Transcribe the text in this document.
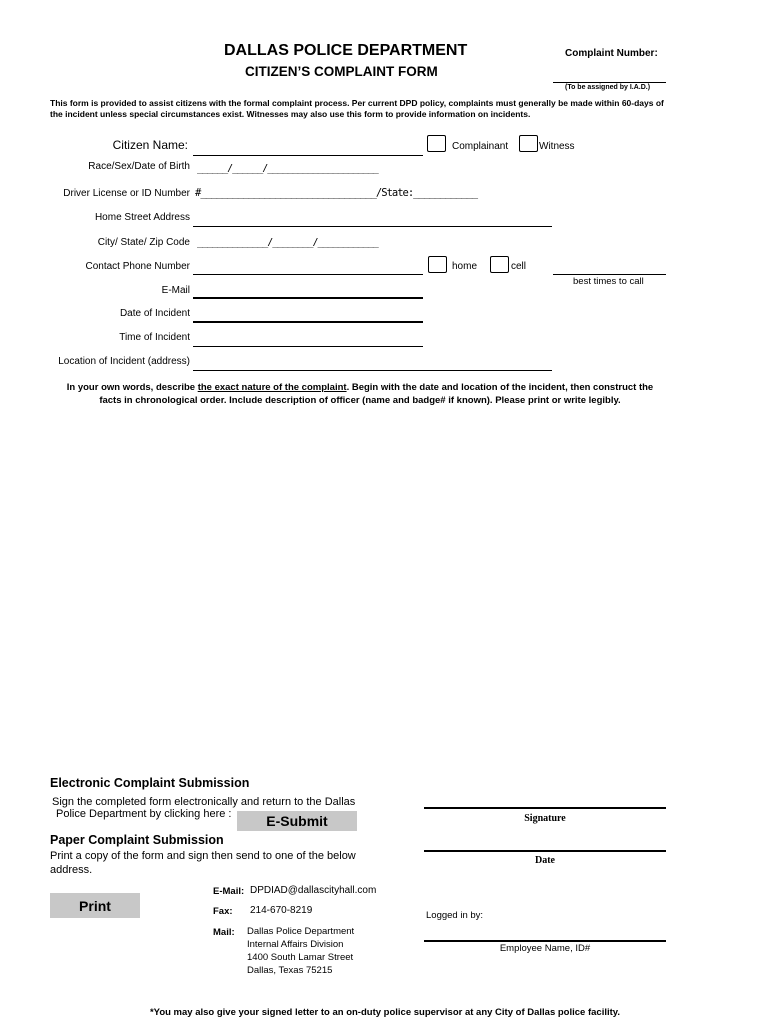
DALLAS POLICE DEPARTMENT
CITIZEN’S COMPLAINT FORM
Complaint Number:
(To be assigned by I.A.D.)
This form is provided to assist citizens with the formal complaint process. Per current DPD policy, complaints must generally be made within 60-days of
the incident unless special circumstances exist. Witnesses may also use this form to provide information on incidents.
Citizen Name:	Complainant	Witness
Race/Sex/Date of Birth ______/______/______________________
Driver License or ID Number #_________________________________/State:____________
Home Street Address
City/ State/ Zip Code ______________/________/____________
Contact Phone Number	home	cell
best times to call
E-Mail
Date of Incident
Time of Incident
Location of Incident (address)
In your own words, describe the exact nature of the complaint. Begin with the date and location of the incident, then construct the
facts in chronological order. Include description of officer (name and badge# if known). Please print or write legibly.
Electronic Complaint Submission
Sign the completed form electronically and return to the Dallas
Police Department by clicking here :	E-Submit
Paper Complaint Submission
Print a copy of the form and sign then send to one of the below
address.
Print
E-Mail: DPDIAD@dallascityhall.com
Fax: 214-670-8219
Mail: Dallas Police Department
Internal Affairs Division
1400 South Lamar Street
Dallas, Texas 75215
Signature
Date
Logged in by:
Employee Name, ID#
*You may also give your signed letter to an on-duty police supervisor at any City of Dallas police facility.
